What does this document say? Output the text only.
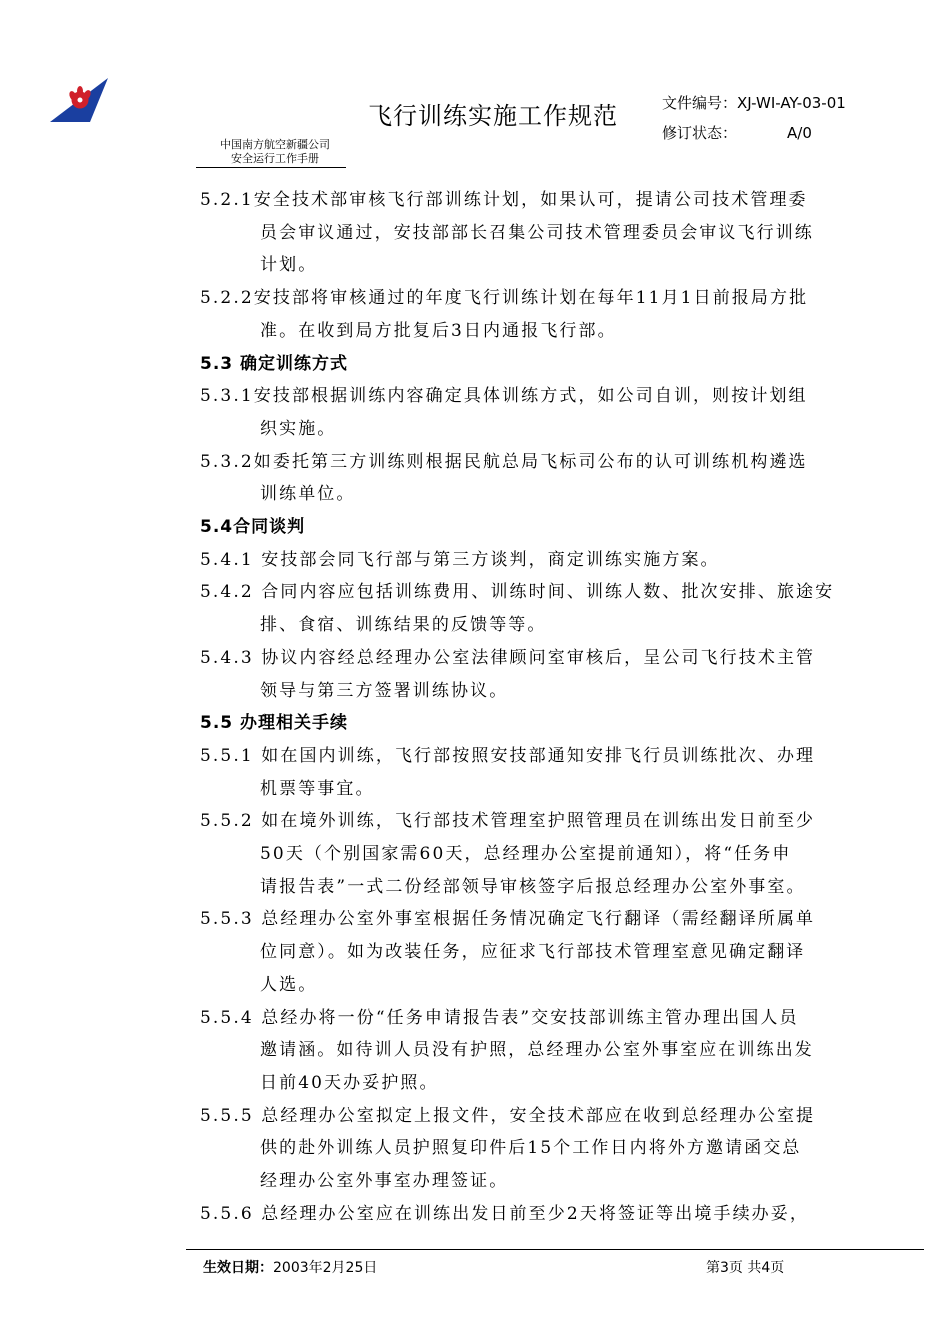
飞行训练实施工作规范	文件编号： XJ-WI-AY-03-01
修订状态：	A/0
中国南方航空新疆公司
安全运行工作手册
5.2.1安全技术部审核飞行部训练计划，如果认可，提请公司技术管理委
员会审议通过，安技部部长召集公司技术管理委员会审议飞行训练
计划。
5.2.2安技部将审核通过的年度飞行训练计划在每年11月1日前报局方批
准。在收到局方批复后3日内通报飞行部。
5.3 确定训练方式
5.3.1安技部根据训练内容确定具体训练方式，如公司自训，则按计划组
织实施。
5.3.2如委托第三方训练则根据民航总局飞标司公布的认可训练机构遴选
训练单位。
5.4合同谈判
5.4.1 安技部会同飞行部与第三方谈判，商定训练实施方案。
5.4.2 合同内容应包括训练费用、训练时间、训练人数、批次安排、旅途安
排、食宿、训练结果的反馈等等。
5.4.3 协议内容经总经理办公室法律顾问室审核后，呈公司飞行技术主管
领导与第三方签署训练协议。
5.5 办理相关手续
5.5.1 如在国内训练，飞行部按照安技部通知安排飞行员训练批次、办理
机票等事宜。
5.5.2 如在境外训练，飞行部技术管理室护照管理员在训练出发日前至少
50天（个别国家需60天，总经理办公室提前通知），将“任务申
请报告表”一式二份经部领导审核签字后报总经理办公室外事室。
5.5.3 总经理办公室外事室根据任务情况确定飞行翻译（需经翻译所属单
位同意）。如为改装任务，应征求飞行部技术管理室意见确定翻译
人选。
5.5.4 总经办将一份“任务申请报告表”交安技部训练主管办理出国人员
邀请涵。如待训人员没有护照，总经理办公室外事室应在训练出发
日前40天办妥护照。
5.5.5 总经理办公室拟定上报文件，安全技术部应在收到总经理办公室提
供的赴外训练人员护照复印件后15个工作日内将外方邀请函交总
经理办公室外事室办理签证。
5.5.6 总经理办公室应在训练出发日前至少2天将签证等出境手续办妥，
生效日期：2003年2月25日	第3页 共4页
